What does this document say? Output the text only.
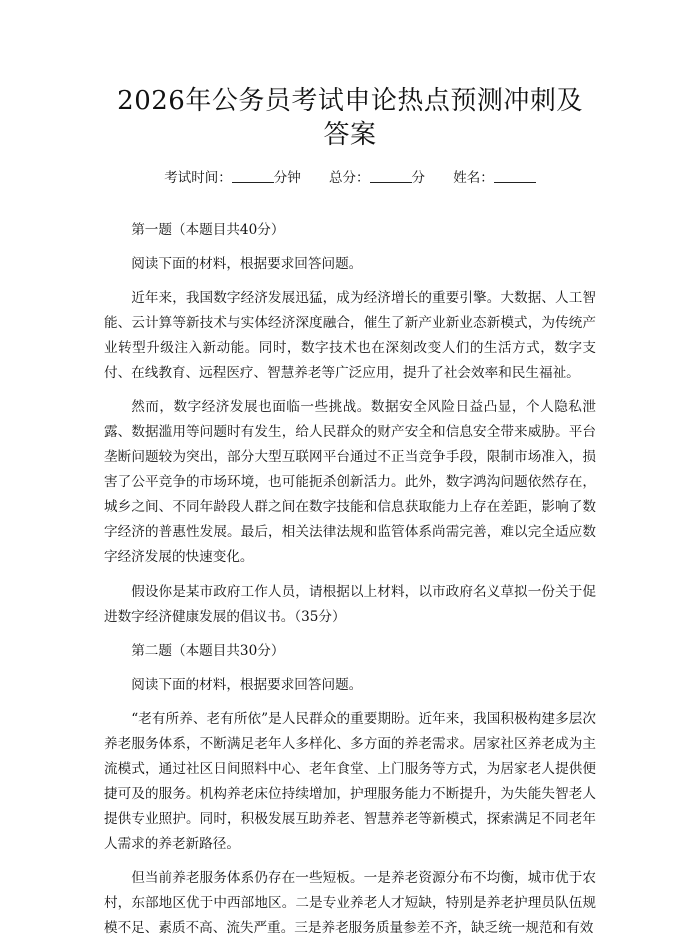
2026年公务员考试申论热点预测冲刺及答案
考试时间：	分钟 总分：	分 姓名：

第一题（本题目共40分）

阅读下面的材料，根据要求回答问题。

近年来，我国数字经济发展迅猛，成为经济增长的重要引擎。大数据、人工智能、云计算等新技术与实体经济深度融合，催生了新产业新业态新模式，为传统产业转型升级注入新动能。同时，数字技术也在深刻改变人们的生活方式，数字支付、在线教育、远程医疗、智慧养老等广泛应用，提升了社会效率和民生福祉。

然而，数字经济发展也面临一些挑战。数据安全风险日益凸显，个人隐私泄露、数据滥用等问题时有发生，给人民群众的财产安全和信息安全带来威胁。平台垄断问题较为突出，部分大型互联网平台通过不正当竞争手段，限制市场准入，损害了公平竞争的市场环境，也可能扼杀创新活力。此外，数字鸿沟问题依然存在，城乡之间、不同年龄段人群之间在数字技能和信息获取能力上存在差距，影响了数字经济的普惠性发展。最后，相关法律法规和监管体系尚需完善，难以完全适应数字经济发展的快速变化。

假设你是某市政府工作人员，请根据以上材料，以市政府名义草拟一份关于促进数字经济健康发展的倡议书。（35分）

第二题（本题目共30分）

阅读下面的材料，根据要求回答问题。

“老有所养、老有所依”是人民群众的重要期盼。近年来，我国积极构建多层次养老服务体系，不断满足老年人多样化、多方面的养老需求。居家社区养老成为主流模式，通过社区日间照料中心、老年食堂、上门服务等方式，为居家老人提供便捷可及的服务。机构养老床位持续增加，护理服务能力不断提升，为失能失智老人提供专业照护。同时，积极发展互助养老、智慧养老等新模式，探索满足不同老年人需求的养老新路径。

但当前养老服务体系仍存在一些短板。一是养老资源分布不均衡，城市优于农村，东部地区优于中西部地区。二是专业养老人才短缺，特别是养老护理员队伍规模不足、素质不高、流失严重。三是养老服务质量参差不齐，缺乏统一规范和有效
